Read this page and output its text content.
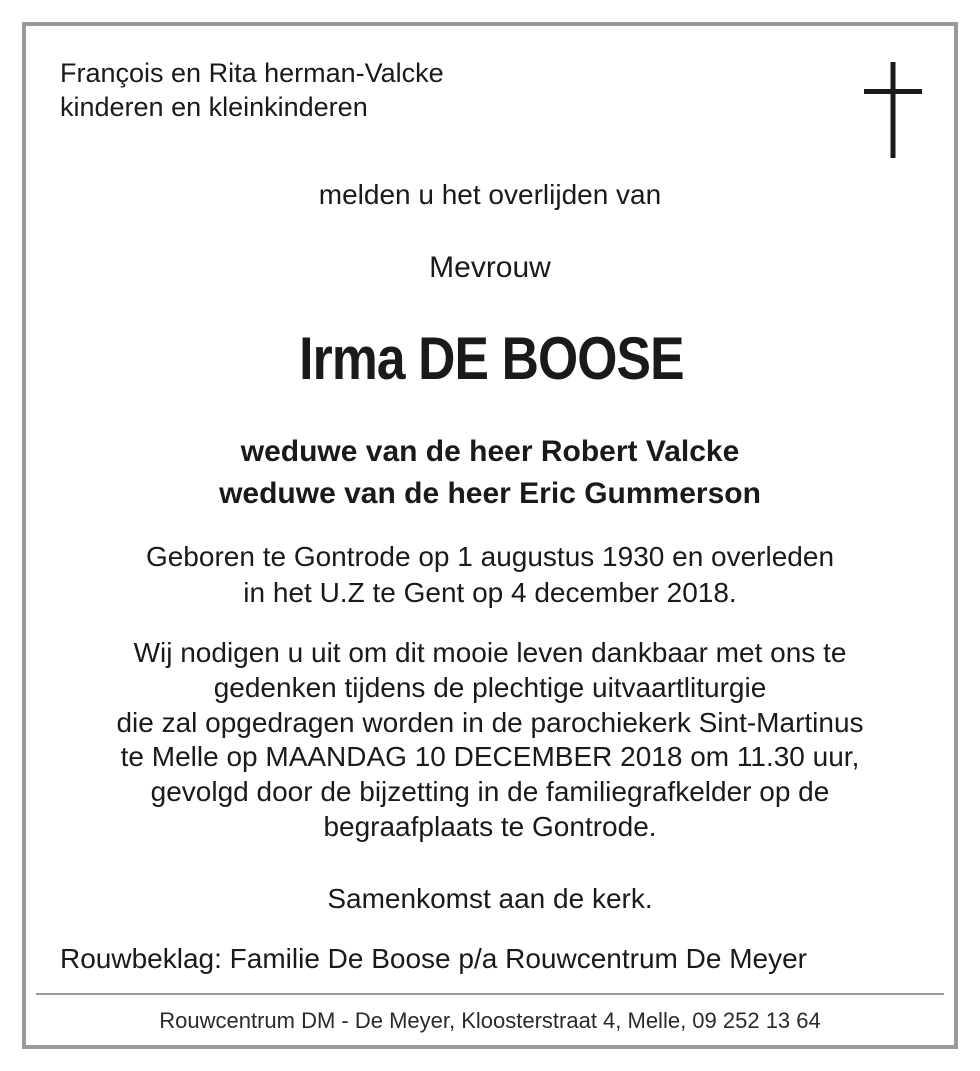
François en Rita herman-Valcke
kinderen en kleinkinderen

melden u het overlijden van

Mevrouw

Irma DE BOOSE

weduwe van de heer Robert Valcke

weduwe van de heer Eric Gummerson

Geboren te Gontrode op 1 augustus 1930 en overleden
in het U.Z te Gent op 4 december 2018.

Wij nodigen u uit om dit mooie leven dankbaar met ons te
gedenken tijdens de plechtige uitvaartliturgie
die zal opgedragen worden in de parochiekerk Sint-Martinus
te Melle op MAANDAG 10 DECEMBER 2018 om 11.30 uur,
gevolgd door de bijzetting in de familiegrafkelder op de
begraafplaats te Gontrode.

Samenkomst aan de kerk.

Rouwbeklag: Familie De Boose p/a Rouwcentrum De Meyer

Rouwcentrum DM - De Meyer, Kloosterstraat 4, Melle, 09 252 13 64
